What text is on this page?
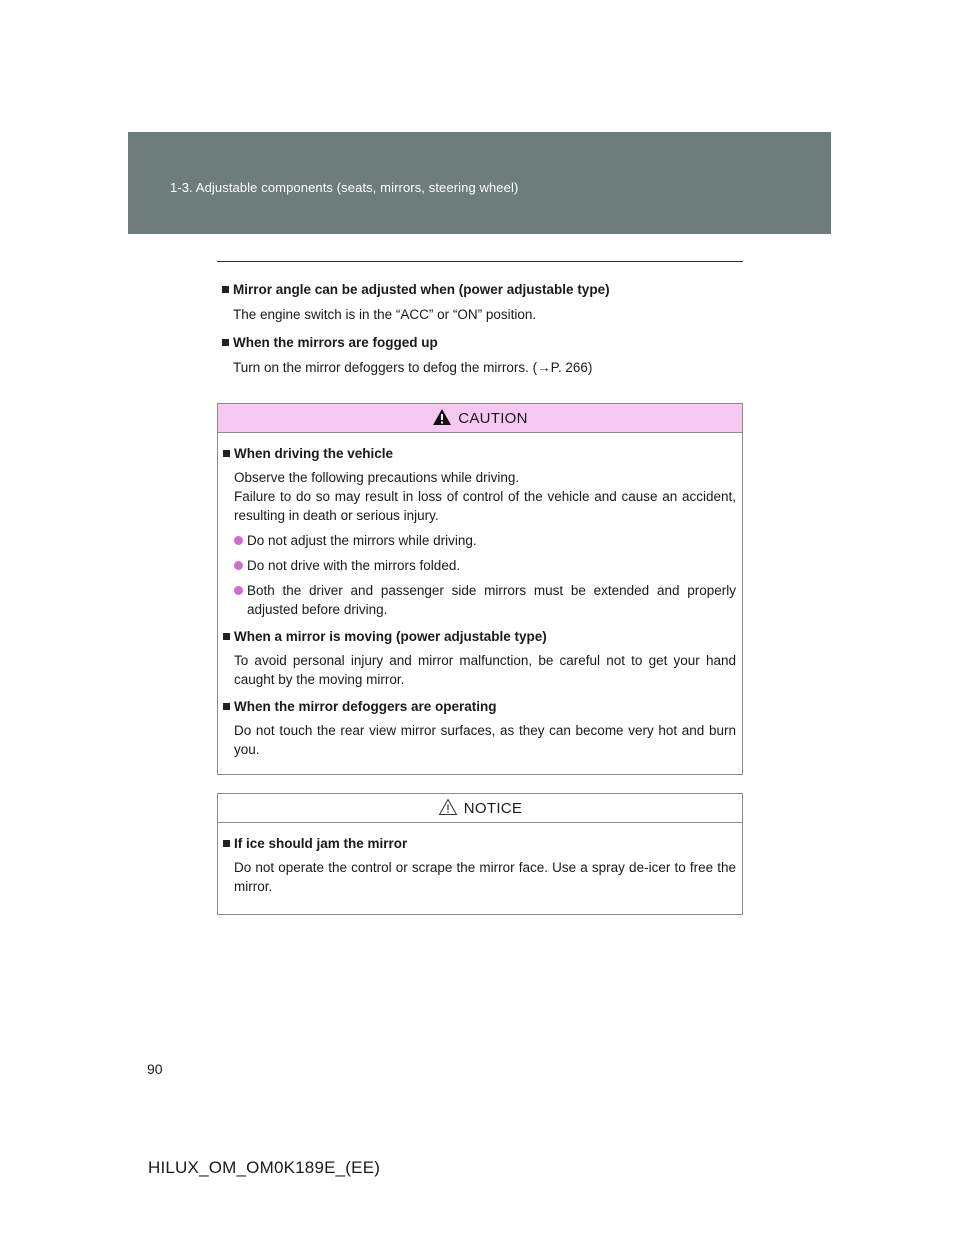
1-3. Adjustable components (seats, mirrors, steering wheel)
Mirror angle can be adjusted when (power adjustable type)
The engine switch is in the “ACC” or “ON” position.
When the mirrors are fogged up
Turn on the mirror defoggers to defog the mirrors. (→P. 266)
CAUTION
When driving the vehicle
Observe the following precautions while driving.
Failure to do so may result in loss of control of the vehicle and cause an accident, resulting in death or serious injury.
Do not adjust the mirrors while driving.
Do not drive with the mirrors folded.
Both the driver and passenger side mirrors must be extended and properly adjusted before driving.
When a mirror is moving (power adjustable type)
To avoid personal injury and mirror malfunction, be careful not to get your hand caught by the moving mirror.
When the mirror defoggers are operating
Do not touch the rear view mirror surfaces, as they can become very hot and burn you.
NOTICE
If ice should jam the mirror
Do not operate the control or scrape the mirror face. Use a spray de-icer to free the mirror.
90
HILUX_OM_OM0K189E_(EE)
